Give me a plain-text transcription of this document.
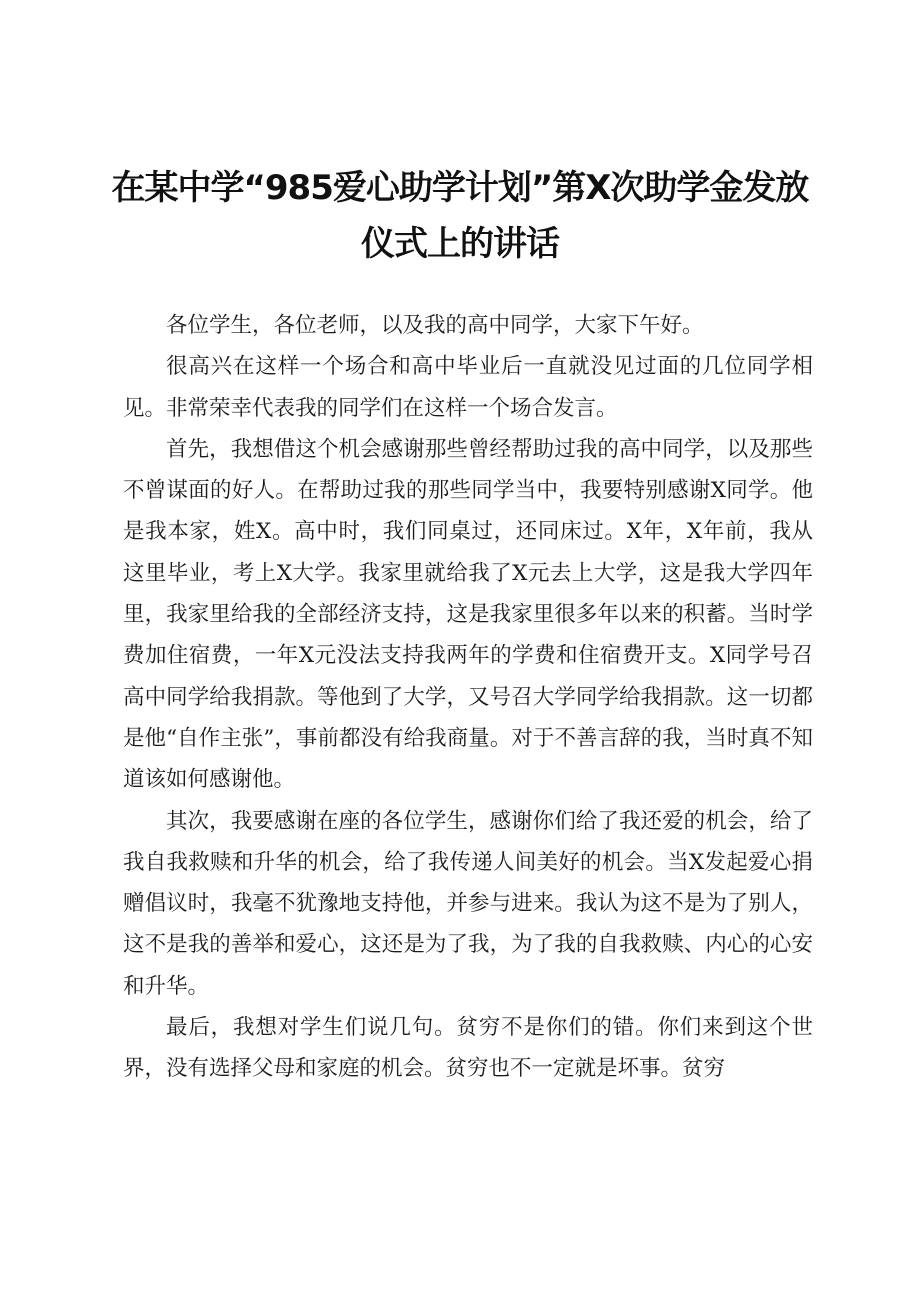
在某中学“985爱心助学计划”第X次助学金发放仪式上的讲话

各位学生，各位老师，以及我的高中同学，大家下午好。

很高兴在这样一个场合和高中毕业后一直就没见过面的几位同学相见。非常荣幸代表我的同学们在这样一个场合发言。

首先，我想借这个机会感谢那些曾经帮助过我的高中同学，以及那些不曾谋面的好人。在帮助过我的那些同学当中，我要特别感谢X同学。他是我本家，姓X。高中时，我们同桌过，还同床过。X年，X年前，我从这里毕业，考上X大学。我家里就给我了X元去上大学，这是我大学四年里，我家里给我的全部经济支持，这是我家里很多年以来的积蓄。当时学费加住宿费，一年X元没法支持我两年的学费和住宿费开支。X同学号召高中同学给我捐款。等他到了大学，又号召大学同学给我捐款。这一切都是他“自作主张”，事前都没有给我商量。对于不善言辞的我，当时真不知道该如何感谢他。

其次，我要感谢在座的各位学生，感谢你们给了我还爱的机会，给了我自我救赎和升华的机会，给了我传递人间美好的机会。当X发起爱心捐赠倡议时，我毫不犹豫地支持他，并参与进来。我认为这不是为了别人，这不是我的善举和爱心，这还是为了我，为了我的自我救赎、内心的心安和升华。

最后，我想对学生们说几句。贫穷不是你们的错。你们来到这个世界，没有选择父母和家庭的机会。贫穷也不一定就是坏事。贫穷
